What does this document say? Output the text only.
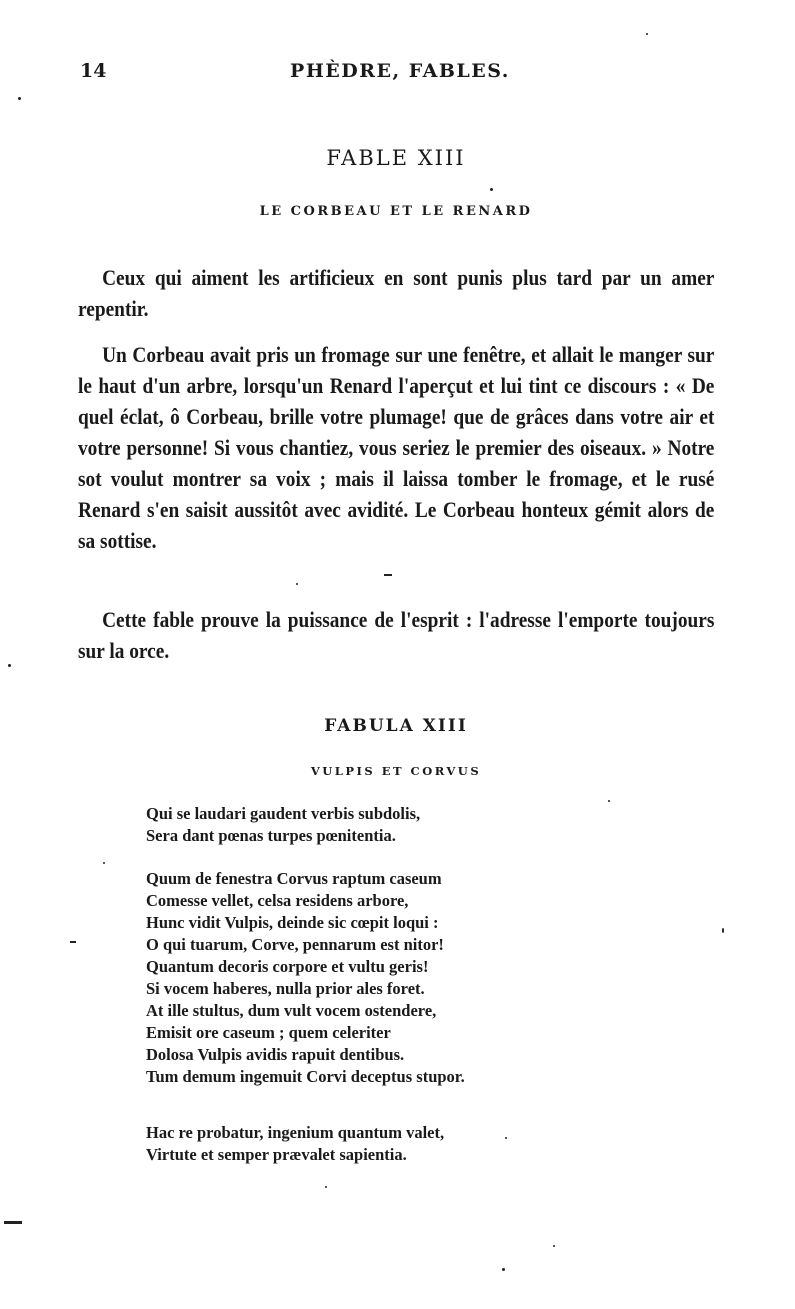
14	PHÈDRE, FABLES.
FABLE XIII
LE CORBEAU ET LE RENARD

Ceux qui aiment les artificieux en sont punis plus tard par un amer repentir.

Un Corbeau avait pris un fromage sur une fenêtre, et allait le manger sur le haut d'un arbre, lorsqu'un Renard l'aperçut et lui tint ce discours : « De quel éclat, ô Corbeau, brille votre plumage! que de grâces dans votre air et votre personne! Si vous chantiez, vous seriez le premier des oiseaux. » Notre sot voulut montrer sa voix ; mais il laissa tomber le fromage, et le rusé Renard s'en saisit aussitôt avec avidité. Le Corbeau honteux gémit alors de sa sottise.

Cette fable prouve la puissance de l'esprit : l'adresse l'emporte toujours sur la orce.

FABULA XIII
VULPIS ET CORVUS
Qui se laudari gaudent verbis subdolis,
Sera dant pœnas turpes pœnitentia.
Quum de fenestra Corvus raptum caseum
Comesse vellet, celsa residens arbore,
Hunc vidit Vulpis, deinde sic cœpit loqui :
O qui tuarum, Corve, pennarum est nitor!
Quantum decoris corpore et vultu geris!
Si vocem haberes, nulla prior ales foret.
At ille stultus, dum vult vocem ostendere,
Emisit ore caseum ; quem celeriter
Dolosa Vulpis avidis rapuit dentibus.
Tum demum ingemuit Corvi deceptus stupor.
Hac re probatur, ingenium quantum valet,
Virtute et semper prævalet sapientia.
